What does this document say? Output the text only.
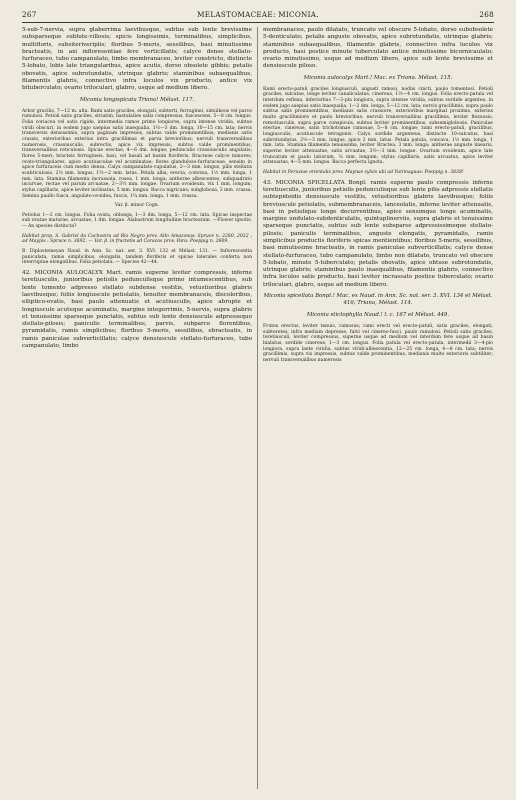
267	MELASTOMACEAE: MICONIA.	268

5-sub-7-nervia, supra glaberrima laevibusque, subtus sub lente brevissime subsparseque sublute-villosis; spicis longissimis, terminalibus, simplicibus, multifloris, subsiteriveriplis; floribus 5-meris, sessilibus, basi minutissime bracteatis, in axi infloresentiae fere verticillatis; calyce dense stellato-furfuraceo, tubo campanulato, limbo membranaceo, leviter constricto, distincte 5-lobato, lobis late triangularibus, apice acutis, dorso obsolete gibbis; petalis obovatis, apice subrotundatis, utrinque glabris; staminibus subaequalibus, filamentis glabris, connectivo infra loculos vix producto, antice vix bituberculato; ovario triloculari, glabro, usque ad medium libero.

Miconia longispicata Triana! Mélast. 117.

Arbor gracilis, 7—12 m. alta. Rami satis graciles, elongati, subterti, ferruginei, simulkous vel parce ramulosi. Petioli satis graciles, striatim, hastulaties satis compressus, fuscescens, 5—8 cm. longus. Folia coriacea vel satis rigide, intermedia ramos primo longiores, supra intense viridia, subtus viridi obscuri, in eodem jugo saepius satis inaequalia, 1½—3 dm. longa, 10—15 cm. lata; nervis transversis densissimis, supra paginam impressis, subtus valde prominentibus; medianis satis crassis, exterioribus exterius intra gracillimas et parva brevioribus; nervuli transversalibus numerosis, crassiusculis, subrectis, apice vix impressis, subtus valde prominentibus, transversalibus reticulosis. Spicae erectae, 4—6 dm. longae; pedunculis crassiusculis angulatis; flores 5-meri; bracteis ferrugineis, basi, vel basali ad basim floriferis. Bracteae calyce minores, ovato-triangulares, apice acutiusculae vel acuminatae; flores glanduloso-furfuraceae, sensim in apice furfuraceis cum medio densa. Calyx campanulato-cupulatus, 2—3 mm. longus, pilis stellatis scabriculosis, 2½ mm. longus, 1½—2 mm. latus. Petala alba, erecta, convexa, 1½ mm. longa, 1 mm. lata. Stamina filamenta incrassata, rosea, 1 mm. longa; antherae albescentes, subquadrato incurvae, rectae vel parum arcuatae, 2—3½ mm. longae. Ovarium ovoideum, vix 1 mm. longum; stylus capillaris, apice leviter inclinatus, 5 mm. longus. Bacca nigricans; subglobosa, 3 mm. crassa. Semina paullo fusca, angulato-ovoidea, fuscis, 1¼ mm. longa, 1 mm. crassa.

Var. β. minor Cogn.

Petiolus 1—2 cm. longus. Folia ovata, oblonga, 1—3 dm. longa, 5—12 cm. lata. Spicae inspectae sub ovatae maturae, arcuatae, 1 dm. longae. Alabastrum longitudine bracteatum. —Flower ignotis. — An species distincta?

Habitat prop. S. Gabriel da Cachoeira ad Rio Negro prov. Alto Amazonas: Spruce n. 2280, 2022 ; ad Maypis : Spruce n. 3692. — Var. β. in fructetis ad Caracas prov. Para: Poeppig n. 2609.

B. Diplostemeyan Naud. in Ann. Sc. nat. ser. 3. XVI. 132 et Mélast. 131. — Inflorescentia paniculata, ramis simplicibus, elongatis, tandem floriferis et spicae laterales conferta non interruptae elongatibus. Folia petiolata. — Species 42—44.

42. MICONIA AULOCALYX Mart. ramis superne leviter compressis, inferne teretiusculis, junioribus petiolis pedunculisque primo intumescentibus, sub lente tomento adpresso stellato subdense vestitis, vetustioribus glabris laevibusque; foliis longiuscule petiolatis, tenuiter membranaceis, discoloribus, elliptico-ovatis, basi paulo attenuatis et acutiusculis, apice abrupte et longiuscule acuteque acuminatis, margine integerrimis, 5-nervis, supra glabris et tenuissime sparseque punctatis, subtus sub lente densiuscule adpressequo stellato-pilosis; paniculis terminalibus, parvis, subparce florentibus, pyramidatis, ramis simplicibus; floribus 5-meris, sessilibus, ebracteatis, in ramis paniculae subverticillatis; calyce densiuscule stellato-furfuraceo, tubo campanulato, limbo

membranaceo, paulo dilatato, truncato vel obscure 5-lobato, dorso subobsolete 5-denticulato; petalis anguste obovatis, apice subrotundatis, utrinque glabris; staminibus subaequalibus, filamentis glabris, connectivo infra loculos vix producto, basi postice minute tuberculato antice minutissime bicornicaulato; ovario minutissimo, usque ad medium libero, apice sub lente brevissime et densiuscule piloso.

Miconia aulocalyx Mart.! Mac. ex Triana. Mélast. 115.

Rami erecto-patuli graciles longiusculi, angusti ramosi, nodiis cincti, paulo tomentosi. Petioli graciles, sulcatae, longe leviter canaliculatus, cinereus, 1½—4 cm. longus. Folia erecto-patula vel interdum reflexa, inferiorbus 7—3-pla longiora, supra intense viridia, subtus sordide argentea, in eodem jugo saepius satis inaequalia, 1—2 dm. longa, 5—12 cm. lata; nervis gracillimis, supra paulo subtus satis prominentibus, medianis satis crassiore, exterioribus marginal proximis, exterius multo gracillimiore et paulo brevioribus; nervuli transversalibus gracillimis, leviter flexuosis, remotiusculis, supra parce conspicuis, subtus leviter prominentibus, subsemiglobosis. Paniculae erectae, cinereae, satis trichotomae ramosae, 5—8 cm. longae; rami erecto-patuli, gracilibus, longiusculis, acutiuscule tetragonis. Calyx sordide argenteus, distincte 10-sulcatus, basi subrotundatus, 2½—3 mm. longus, apice 2 mm. latus. Petala patula, concava, 1½ mm. longa, 1 mm. lata. Stamina filamenta tenuissima, leviter Bractea, 3 mm. longa; antherae anguste linearis, superne leviter attenuatae, satis arcuatae, 3½—3 mm. longae. Ovarium ovoideum, apice late truncatum et paulo latiorum, ¼ mm. longum; stylus capillaris, satis arcuatus, apice leviter attenuatus, 4—5 mm. longus. Bacca perfecta ignota.

Habitat in Peruviae orientalis prov. Maynas sylvis ubi ad Yurimaguas: Poeppig n. 3838!

43. MICONIA SPICELLATA Bonpl. ramis superne paulo compressis inferne teretiusculis, junioribus petiolis pedunculisque sub lente pilis adpressis stellatis subtepidoidis densiuscule vestitis, vetustioribus glabris laevibusque; foliis breviuscule petiolatis, submembranaceis, lanceolatis, inferne leviter attenuatis, basi in petiolique longe decurrentibus, apice sensimque longe acuminatis, margine undulato-subdenticulatis, quintuplinerviis, supra glabris et tenuissime sparseque punctatis, subtus sub lente subsparse adpressissimeque stellato-pilosis; paniculis terminalibus, anguste elongatis, pyramidalis, ramis simplicibus productis floriferis spicas mentientibus; floribus 5-meris, sessilibus, basi minutissime bracteatis, in ramis paniculae subverticillatis; calyce dense stellato-furfuraceo, tubo campanulato, limbo non dilatato, truncato vel obscure 5-lobato, minute 5-tuberculato; petalis obovatis, apice obtuse subrotundatis, utrinque glabris; staminibus paulo inaequalibus, filamentis glabris, connectivo infra loculos satis producto, basi leviter incrassato postice tuberculato; ovario triloculari, glabro, usque ad medium libero.

Miconia spicellata Bonpl.! Mac. ex Naud. in Ann. Sc. nat. ser. 3. XVI. 134 et Mélast. 416; Triana, Mélast. 114.

Miconia stictophylla Naud.! l. c. 167 et Mélast. 449.

Frutex erectus, leviter tenuis, ramosus; rami erecti vel erecto-patuli, satis graciles, elongati, subteretes, infra medium depresse, fulvi vel cinereo-fusci, paulo ramulosi. Petioli satis graciles, teretiusculi, leviter compressus, superne usque ad medium vel interdum fere usque ad basin bialatus, sordide cinereus, 1—3 cm. longus. Folia patula vel erecto-patula, intermedii 3—4-plo longiora, supra laete viridia, subtus viridi-albescentia, 12—25 cm. longa, 4—8 cm. lata; nervis gracillimis, supra vix impressis, subtus valde prominentibus, medianis multo exterioris subtiliter; nervuli transversalibus numerosis
